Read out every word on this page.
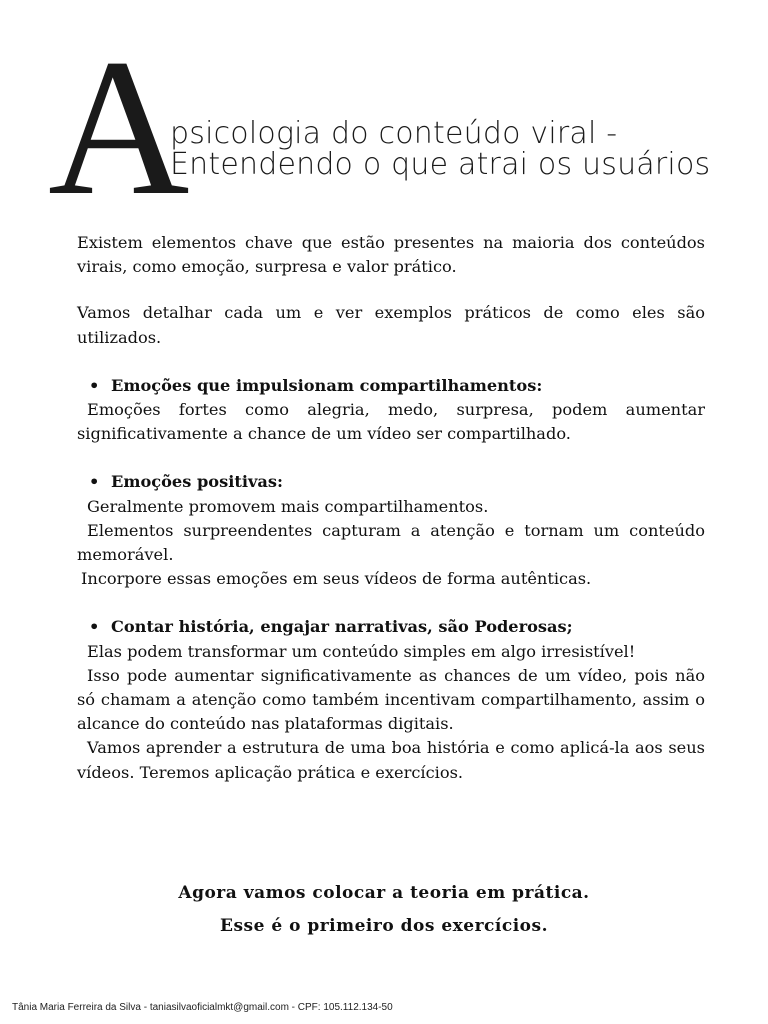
A
psicologia do conteúdo viral -
Entendendo o que atrai os usuários

Existem elementos chave que estão presentes na maioria dos conteúdos virais, como emoção, surpresa e valor prático.

Vamos detalhar cada um e ver exemplos práticos de como eles são utilizados.

• Emoções que impulsionam compartilhamentos:

Emoções fortes como alegria, medo, surpresa, podem aumentar significativamente a chance de um vídeo ser compartilhado.

• Emoções positivas:

Geralmente promovem mais compartilhamentos.

Elementos surpreendentes capturam a atenção e tornam um conteúdo memorável.

Incorpore essas emoções em seus vídeos de forma autênticas.

• Contar história, engajar narrativas, são Poderosas;

Elas podem transformar um conteúdo simples em algo irresistível!

Isso pode aumentar significativamente as chances de um vídeo, pois não só chamam a atenção como também incentivam compartilhamento, assim o alcance do conteúdo nas plataformas digitais.

Vamos aprender a estrutura de uma boa história e como aplicá-la aos seus vídeos. Teremos aplicação prática e exercícios.

Agora vamos colocar a teoria em prática.

Esse é o primeiro dos exercícios.

Tânia Maria Ferreira da Silva - taniasilvaoficialmkt@gmail.com - CPF: 105.112.134-50
